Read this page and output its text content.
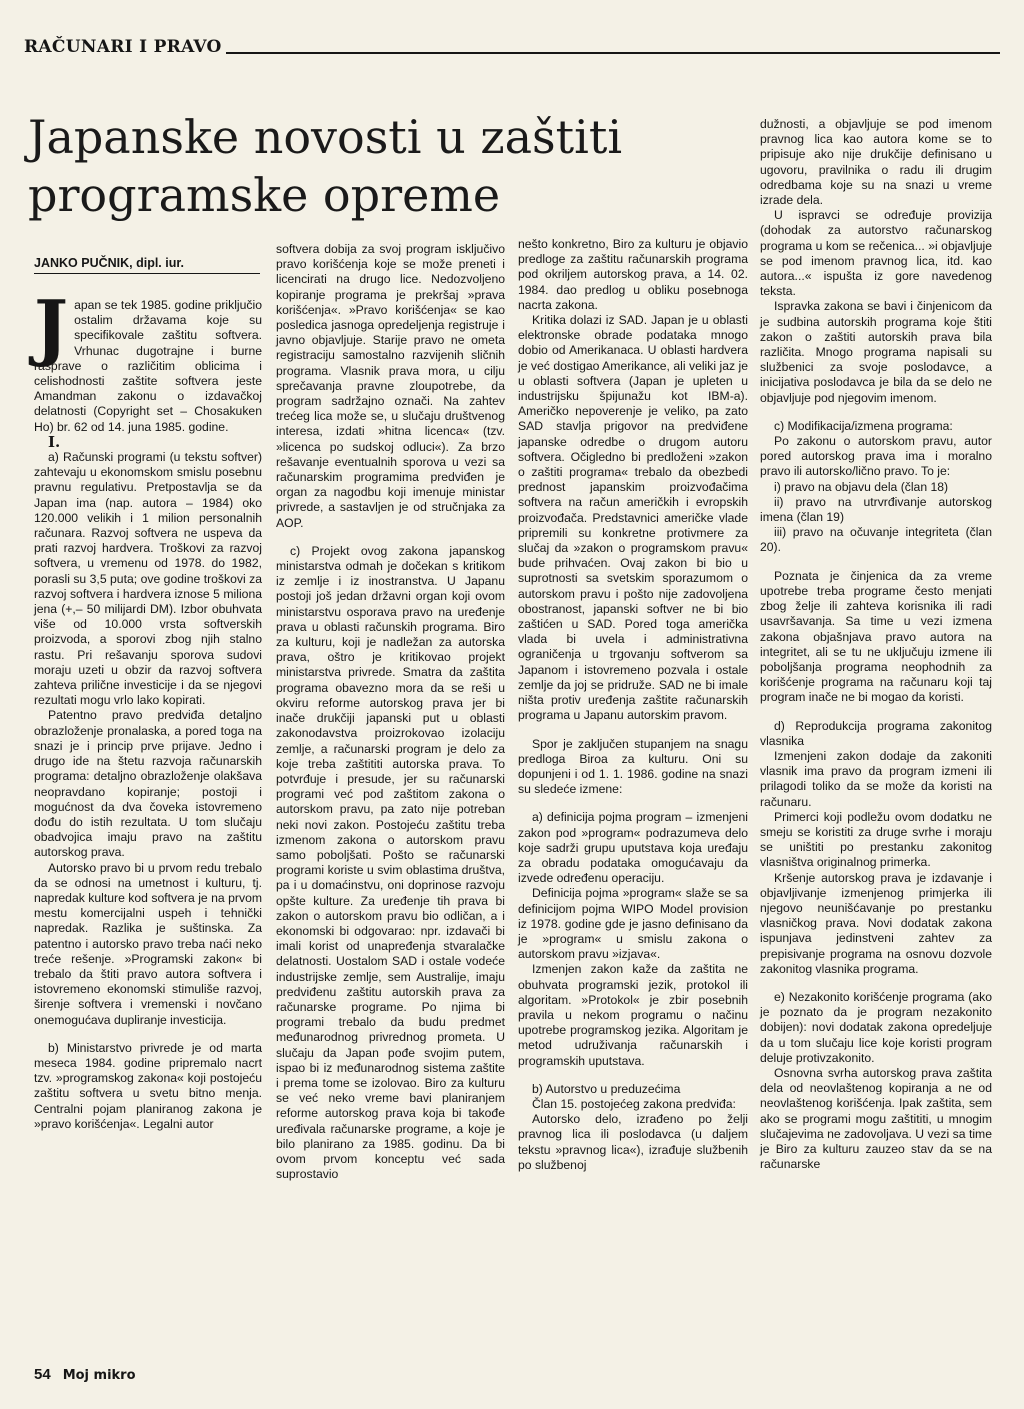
RAČUNARI I PRAVO
Japanske novosti u zaštiti
programske opreme
JANKO PUČNIK, dipl. iur.

Japan se tek 1985. godine priključio ostalim državama koje su specifikovale zaštitu softvera. Vrhunac dugotrajne i burne rasprave o različitim oblicima i celishodnosti zaštite softvera jeste Amandman zakonu o izdavačkoj delatnosti (Copyright set – Chosakuken Ho) br. 62 od 14. juna 1985. godine.

I.

a) Računski programi (u tekstu softver) zahtevaju u ekonomskom smislu posebnu pravnu regulativu. Pretpostavlja se da Japan ima (nap. autora – 1984) oko 120.000 velikih i 1 milion personalnih računara. Razvoj softvera ne uspeva da prati razvoj hardvera. Troškovi za razvoj softvera, u vremenu od 1978. do 1982, porasli su 3,5 puta; ove godine troškovi za razvoj softvera i hardvera iznose 5 miliona jena (+,– 50 milijardi DM). Izbor obuhvata više od 10.000 vrsta softverskih proizvoda, a sporovi zbog njih stalno rastu. Pri rešavanju sporova sudovi moraju uzeti u obzir da razvoj softvera zahteva prilične investicije i da se njegovi rezultati mogu vrlo lako kopirati.

Patentno pravo predviđa detaljno obrazloženje pronalaska, a pored toga na snazi je i princip prve prijave. Jedno i drugo ide na štetu razvoja računarskih programa: detaljno obrazloženje olakšava neopravdano kopiranje; postoji i mogućnost da dva čoveka istovremeno dođu do istih rezultata. U tom slučaju obadvojica imaju pravo na zaštitu autorskog prava.

Autorsko pravo bi u prvom redu trebalo da se odnosi na umetnost i kulturu, tj. napredak kulture kod softvera je na prvom mestu komercijalni uspeh i tehnički napredak. Razlika je suštinska. Za patentno i autorsko pravo treba naći neko treće rešenje. »Programski zakon« bi trebalo da štiti pravo autora softvera i istovremeno ekonomski stimuliše razvoj, širenje softvera i vremenski i novčano onemogućava dupliranje investicija.

b) Ministarstvo privrede je od marta meseca 1984. godine pripremalo nacrt tzv. »programskog zakona« koji postojeću zaštitu softvera u svetu bitno menja. Centralni pojam planiranog zakona je »pravo korišćenja«. Legalni autor

softvera dobija za svoj program isključivo pravo korišćenja koje se može preneti i licencirati na drugo lice. Nedozvoljeno kopiranje programa je prekršaj »prava korišćenja«. »Pravo korišćenja« se kao posledica jasnoga opredeljenja registruje i javno objavljuje. Starije pravo ne ometa registraciju samostalno razvijenih sličnih programa. Vlasnik prava mora, u cilju sprečavanja pravne zloupotrebe, da program sadržajno označi. Na zahtev trećeg lica može se, u slučaju društvenog interesa, izdati »hitna licenca« (tzv. »licenca po sudskoj odluci«). Za brzo rešavanje eventualnih sporova u vezi sa računarskim programima predviđen je organ za nagodbu koji imenuje ministar privrede, a sastavljen je od stručnjaka za AOP.

c) Projekt ovog zakona japanskog ministarstva odmah je dočekan s kritikom iz zemlje i iz inostranstva. U Japanu postoji još jedan državni organ koji ovom ministarstvu osporava pravo na uređenje prava u oblasti računskih programa. Biro za kulturu, koji je nadležan za autorska prava, oštro je kritikovao projekt ministarstva privrede. Smatra da zaštita programa obavezno mora da se reši u okviru reforme autorskog prava jer bi inače drukčiji japanski put u oblasti zakonodavstva proizrokovao izolaciju zemlje, a računarski program je delo za koje treba zaštititi autorska prava. To potvrđuje i presude, jer su računarski programi već pod zaštitom zakona o autorskom pravu, pa zato nije potreban neki novi zakon. Postojeću zaštitu treba izmenom zakona o autorskom pravu samo poboljšati. Pošto se računarski programi koriste u svim oblastima društva, pa i u domaćinstvu, oni doprinose razvoju opšte kulture. Za uređenje tih prava bi zakon o autorskom pravu bio odličan, a i ekonomski bi odgovarao: npr. izdavači bi imali korist od unapređenja stvaralačke delatnosti. Uostalom SAD i ostale vodeće industrijske zemlje, sem Australije, imaju predviđenu zaštitu autorskih prava za računarske programe. Po njima bi programi trebalo da budu predmet međunarodnog privrednog prometa. U slučaju da Japan pođe svojim putem, ispao bi iz međunarodnog sistema zaštite i prema tome se izolovao. Biro za kulturu se već neko vreme bavi planiranjem reforme autorskog prava koja bi takođe uređivala računarske programe, a koje je bilo planirano za 1985. godinu. Da bi ovom prvom konceptu već sada suprostavio

nešto konkretno, Biro za kulturu je objavio predloge za zaštitu računarskih programa pod okriljem autorskog prava, a 14. 02. 1984. dao predlog u obliku posebnoga nacrta zakona.

Kritika dolazi iz SAD. Japan je u oblasti elektronske obrade podataka mnogo dobio od Amerikanaca. U oblasti hardvera je već dostigao Amerikance, ali veliki jaz je u oblasti softvera (Japan je upleten u industrijsku špijunažu kot IBM-a). Američko nepoverenje je veliko, pa zato SAD stavlja prigovor na predviđene japanske odredbe o drugom autoru softvera. Očigledno bi predloženi »zakon o zaštiti programa« trebalo da obezbedi prednost japanskim proizvođačima softvera na račun američkih i evropskih proizvođača. Predstavnici američke vlade pripremili su konkretne protivmere za slučaj da »zakon o programskom pravu« bude prihvaćen. Ovaj zakon bi bio u suprotnosti sa svetskim sporazumom o autorskom pravu i pošto nije zadovoljena obostranost, japanski softver ne bi bio zaštićen u SAD. Pored toga američka vlada bi uvela i administrativna ograničenja u trgovanju softverom sa Japanom i istovremeno pozvala i ostale zemlje da joj se pridruže. SAD ne bi imale ništa protiv uređenja zaštite računarskih programa u Japanu autorskim pravom.

Spor je zaključen stupanjem na snagu predloga Biroa za kulturu. Oni su dopunjeni i od 1. 1. 1986. godine na snazi su sledeće izmene:

a) definicija pojma program – izmenjeni zakon pod »program« podrazumeva delo koje sadrži grupu uputstava koja uređaju za obradu podataka omogućavaju da izvede određenu operaciju.

Definicija pojma »program« slaže se sa definicijom pojma WIPO Model provision iz 1978. godine gde je jasno definisano da je »program« u smislu zakona o autorskom pravu »izjava«.

Izmenjen zakon kaže da zaštita ne obuhvata programski jezik, protokol ili algoritam. »Protokol« je zbir posebnih pravila u nekom programu o načinu upotrebe programskog jezika. Algoritam je metod udruživanja računarskih i programskih uputstava.

b) Autorstvo u preduzećima

Član 15. postojećeg zakona predviđa:

Autorsko delo, izrađeno po želji pravnog lica ili poslodavca (u daljem tekstu »pravnog lica«), izrađuje službenih po službenoj

dužnosti, a objavljuje se pod imenom pravnog lica kao autora kome se to pripisuje ako nije drukčije definisano u ugovoru, pravilnika o radu ili drugim odredbama koje su na snazi u vreme izrade dela.

U ispravci se određuje provizija (dohodak za autorstvo računarskog programa u kom se rečenica... »i objavljuje se pod imenom pravnog lica, itd. kao autora...« ispušta iz gore navedenog teksta.

Ispravka zakona se bavi i činjenicom da je sudbina autorskih programa koje štiti zakon o zaštiti autorskih prava bila različita. Mnogo programa napisali su službenici za svoje poslodavce, a inicijativa poslodavca je bila da se delo ne objavljuje pod njegovim imenom.

c) Modifikacija/izmena programa:

Po zakonu o autorskom pravu, autor pored autorskog prava ima i moralno pravo ili autorsko/lično pravo. To je:

i) pravo na objavu dela (član 18)

ii) pravo na utrvrđivanje autorskog imena (član 19)

iii) pravo na očuvanje integriteta (član 20).

Poznata je činjenica da za vreme upotrebe treba programe često menjati zbog želje ili zahteva korisnika ili radi usavršavanja. Sa time u vezi izmena zakona objašnjava pravo autora na integritet, ali se tu ne uključuju izmene ili poboljšanja programa neophodnih za korišćenje programa na računaru koji taj program inače ne bi mogao da koristi.

d) Reprodukcija programa zakonitog vlasnika

Izmenjeni zakon dodaje da zakoniti vlasnik ima pravo da program izmeni ili prilagodi toliko da se može da koristi na računaru.

Primerci koji podležu ovom dodatku ne smeju se koristiti za druge svrhe i moraju se uništiti po prestanku zakonitog vlasništva originalnog primerka.

Kršenje autorskog prava je izdavanje i objavljivanje izmenjenog primjerka ili njegovo neunišćavanje po prestanku vlasničkog prava. Novi dodatak zakona ispunjava jedinstveni zahtev za prepisivanje programa na osnovu dozvole zakonitog vlasnika programa.

e) Nezakonito korišćenje programa (ako je poznato da je program nezakonito dobijen): novi dodatak zakona opredeljuje da u tom slučaju lice koje koristi program deluje protivzakonito.

Osnovna svrha autorskog prava zaštita dela od neovlaštenog kopiranja a ne od neovlaštenog korišćenja. Ipak zaštita, sem ako se programi mogu zaštititi, u mnogim slučajevima ne zadovoljava. U vezi sa time je Biro za kulturu zauzeo stav da se na računarske

54 Moj mikro
